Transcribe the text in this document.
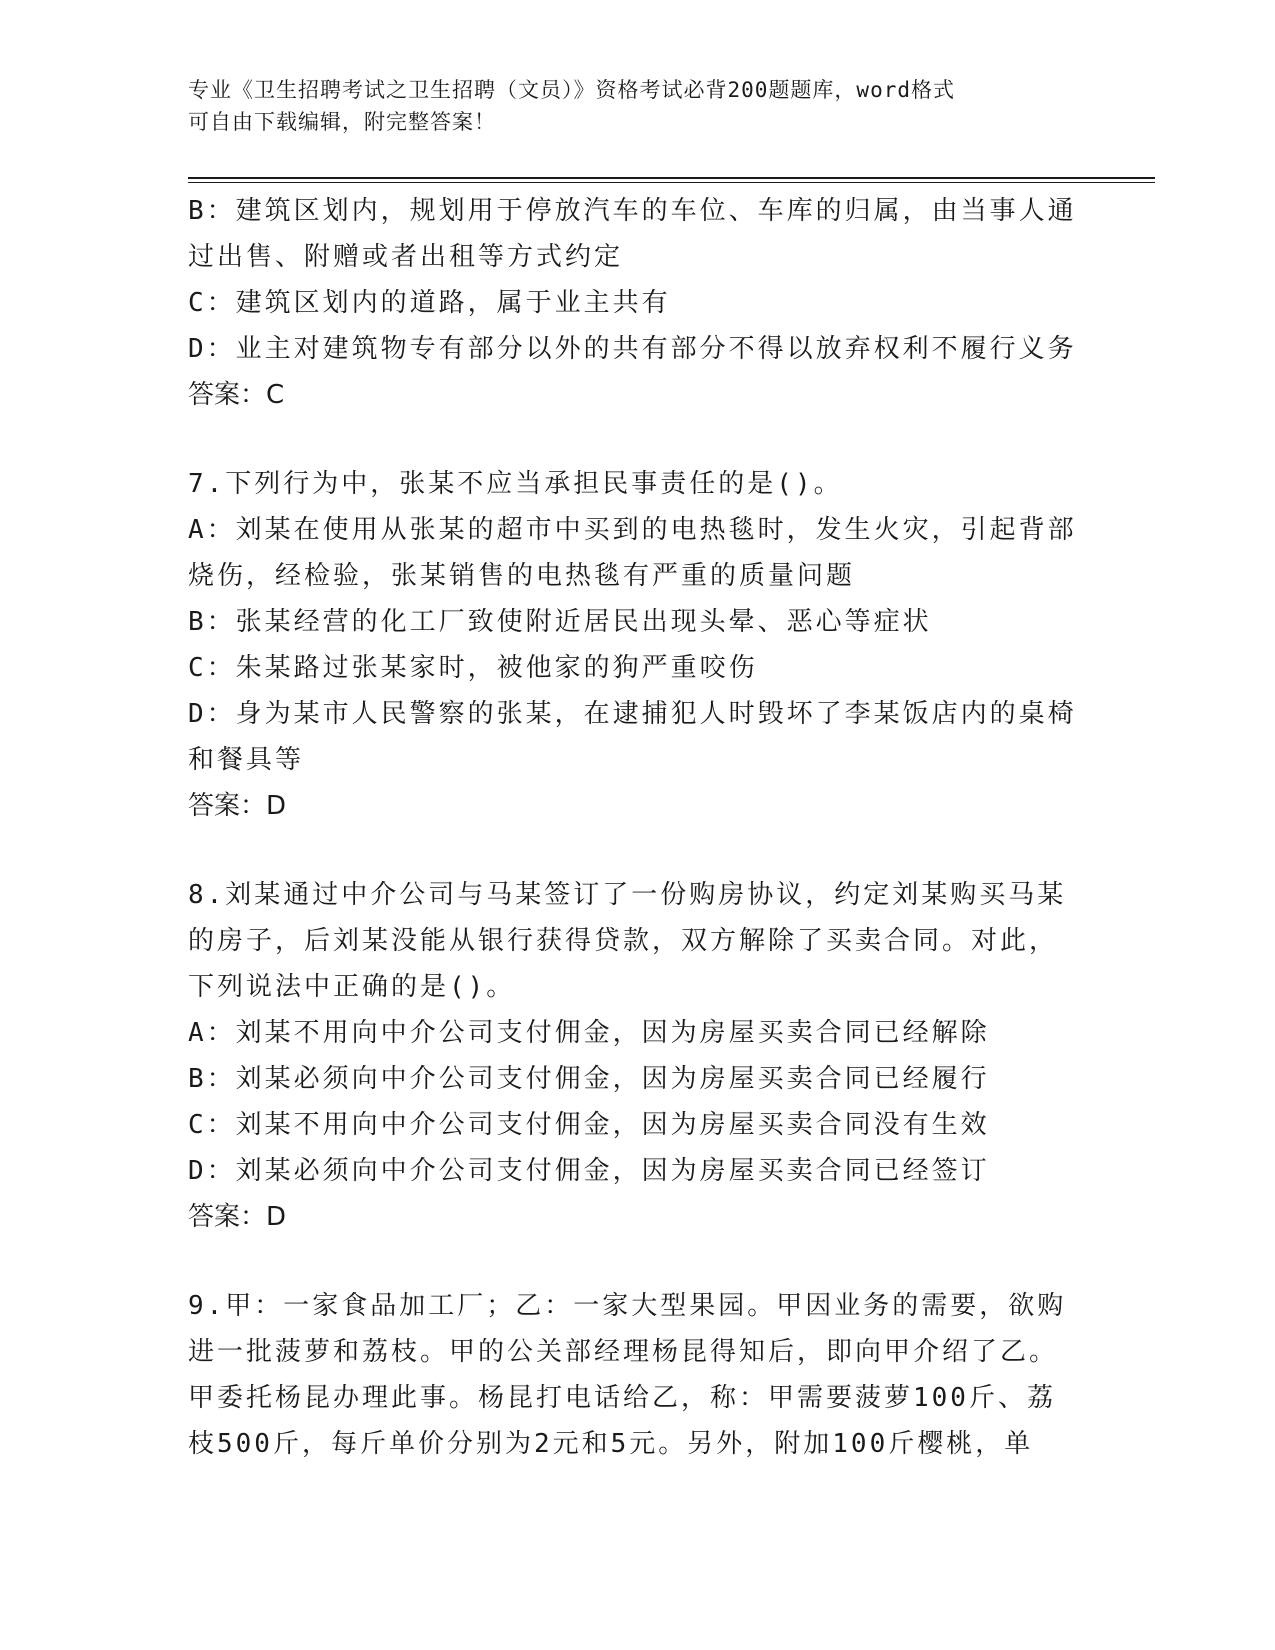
专业《卫生招聘考试之卫生招聘（文员）》资格考试必背200题题库，word格式
可自由下载编辑，附完整答案！
B：建筑区划内，规划用于停放汽车的车位、车库的归属，由当事人通
过出售、附赠或者出租等方式约定
C：建筑区划内的道路，属于业主共有
D：业主对建筑物专有部分以外的共有部分不得以放弃权利不履行义务
答案：C
7.下列行为中，张某不应当承担民事责任的是()。
A：刘某在使用从张某的超市中买到的电热毯时，发生火灾，引起背部
烧伤，经检验，张某销售的电热毯有严重的质量问题
B：张某经营的化工厂致使附近居民出现头晕、恶心等症状
C：朱某路过张某家时，被他家的狗严重咬伤
D：身为某市人民警察的张某，在逮捕犯人时毁坏了李某饭店内的桌椅
和餐具等
答案：D
8.刘某通过中介公司与马某签订了一份购房协议，约定刘某购买马某
的房子，后刘某没能从银行获得贷款，双方解除了买卖合同。对此，
下列说法中正确的是()。
A：刘某不用向中介公司支付佣金，因为房屋买卖合同已经解除
B：刘某必须向中介公司支付佣金，因为房屋买卖合同已经履行
C：刘某不用向中介公司支付佣金，因为房屋买卖合同没有生效
D：刘某必须向中介公司支付佣金，因为房屋买卖合同已经签订
答案：D
9.甲：一家食品加工厂；乙：一家大型果园。甲因业务的需要，欲购
进一批菠萝和荔枝。甲的公关部经理杨昆得知后，即向甲介绍了乙。
甲委托杨昆办理此事。杨昆打电话给乙，称：甲需要菠萝100斤、荔
枝500斤，每斤单价分别为2元和5元。另外，附加100斤樱桃，单
